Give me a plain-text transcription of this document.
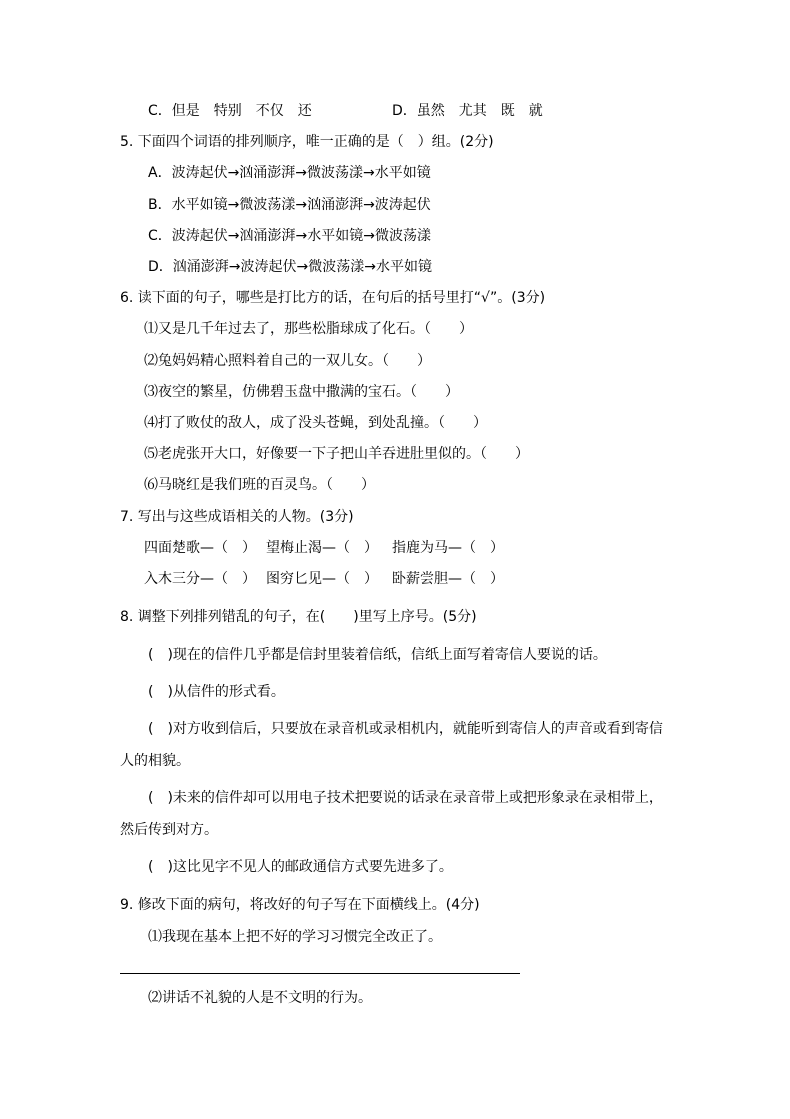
C．但是　特别　不仅　还	D．虽然　尤其　既　就
5. 下面四个词语的排列顺序，唯一正确的是（　）组。(2分)
A．波涛起伏→汹涌澎湃→微波荡漾→水平如镜
B．水平如镜→微波荡漾→汹涌澎湃→波涛起伏
C．波涛起伏→汹涌澎湃→水平如镜→微波荡漾
D．汹涌澎湃→波涛起伏→微波荡漾→水平如镜
6. 读下面的句子，哪些是打比方的话，在句后的括号里打“√”。(3分)
⑴又是几千年过去了，那些松脂球成了化石。（　　）
⑵兔妈妈精心照料着自己的一双儿女。（　　）
⑶夜空的繁星，仿佛碧玉盘中撒满的宝石。（　　）
⑷打了败仗的敌人，成了没头苍蝇，到处乱撞。（　　）
⑸老虎张开大口，好像要一下子把山羊吞进肚里似的。（　　）
⑹马晓红是我们班的百灵鸟。（　　）
7. 写出与这些成语相关的人物。(3分)
四面楚歌—（　） 望梅止渴—（　） 指鹿为马—（　）
入木三分—（　） 图穷匕见—（　） 卧薪尝胆—（　）
8. 调整下列排列错乱的句子，在(　　)里写上序号。(5分)
(　)现在的信件几乎都是信封里装着信纸，信纸上面写着寄信人要说的话。
(　)从信件的形式看。
(　)对方收到信后，只要放在录音机或录相机内，就能听到寄信人的声音或看到寄信
人的相貌。
(　)未来的信件却可以用电子技术把要说的话录在录音带上或把形象录在录相带上，
然后传到对方。
(　)这比见字不见人的邮政通信方式要先进多了。
9. 修改下面的病句，将改好的句子写在下面横线上。(4分)
⑴我现在基本上把不好的学习习惯完全改正了。
⑵讲话不礼貌的人是不文明的行为。
